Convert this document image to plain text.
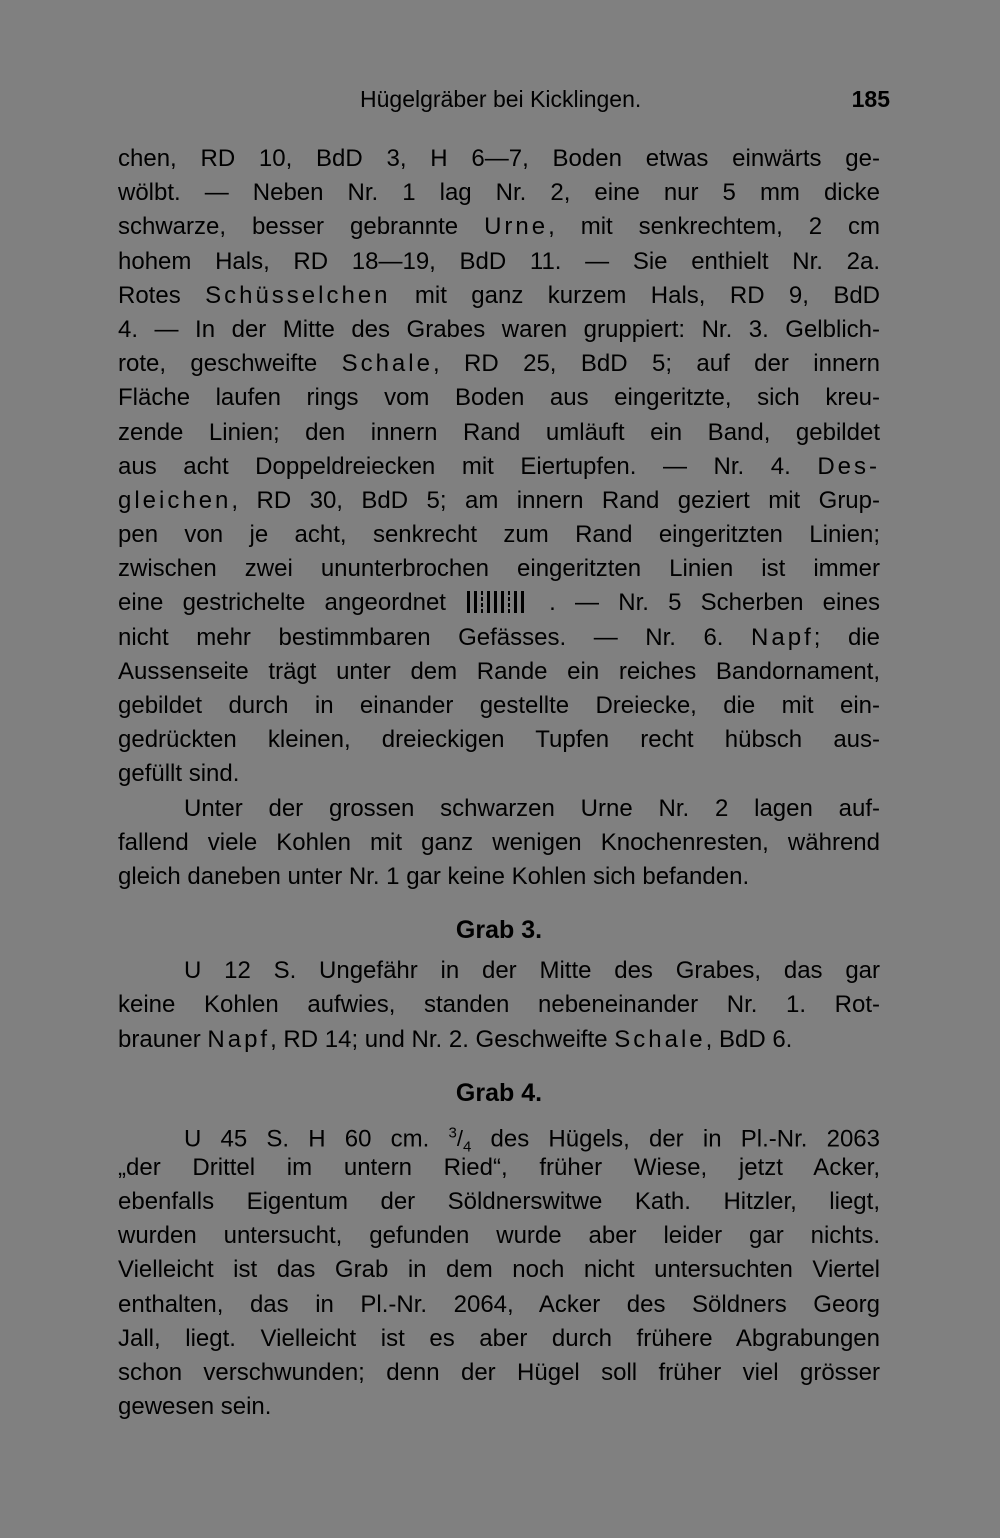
Hügelgräber bei Kicklingen.	185
chen, RD 10, BdD 3, H 6—7, Boden etwas einwärts ge-
wölbt. — Neben Nr. 1 lag Nr. 2, eine nur 5 mm dicke
schwarze, besser gebrannte Urne, mit senkrechtem, 2 cm
hohem Hals, RD 18—19, BdD 11. — Sie enthielt Nr. 2a.
Rotes Schüsselchen mit ganz kurzem Hals, RD 9, BdD
4. — In der Mitte des Grabes waren gruppiert: Nr. 3. Gelblich-
rote, geschweifte Schale, RD 25, BdD 5; auf der innern
Fläche laufen rings vom Boden aus eingeritzte, sich kreu-
zende Linien; den innern Rand umläuft ein Band, gebildet
aus acht Doppeldreiecken mit Eiertupfen. — Nr. 4. Des-
gleichen, RD 30, BdD 5; am innern Rand geziert mit Grup-
pen von je acht, senkrecht zum Rand eingeritzten Linien;
zwischen zwei ununterbrochen eingeritzten Linien ist immer
eine gestrichelte angeordnet	. — Nr. 5 Scherben eines
nicht mehr bestimmbaren Gefässes. — Nr. 6. Napf; die
Aussenseite trägt unter dem Rande ein reiches Bandornament,
gebildet durch in einander gestellte Dreiecke, die mit ein-
gedrückten kleinen, dreieckigen Tupfen recht hübsch aus-
gefüllt sind.
Unter der grossen schwarzen Urne Nr. 2 lagen auf-
fallend viele Kohlen mit ganz wenigen Knochenresten, während
gleich daneben unter Nr. 1 gar keine Kohlen sich befanden.
Grab 3.
U 12 S. Ungefähr in der Mitte des Grabes, das gar
keine Kohlen aufwies, standen nebeneinander Nr. 1. Rot-
brauner Napf, RD 14; und Nr. 2. Geschweifte Schale, BdD 6.
Grab 4.
U 45 S. H 60 cm. $^3/_4$ des Hügels, der in Pl.-Nr. 2063
„der Drittel im untern Ried“, früher Wiese, jetzt Acker,
ebenfalls Eigentum der Söldnerswitwe Kath. Hitzler, liegt,
wurden untersucht, gefunden wurde aber leider gar nichts.
Vielleicht ist das Grab in dem noch nicht untersuchten Viertel
enthalten, das in Pl.-Nr. 2064, Acker des Söldners Georg
Jall, liegt. Vielleicht ist es aber durch frühere Abgrabungen
schon verschwunden; denn der Hügel soll früher viel grösser
gewesen sein.
